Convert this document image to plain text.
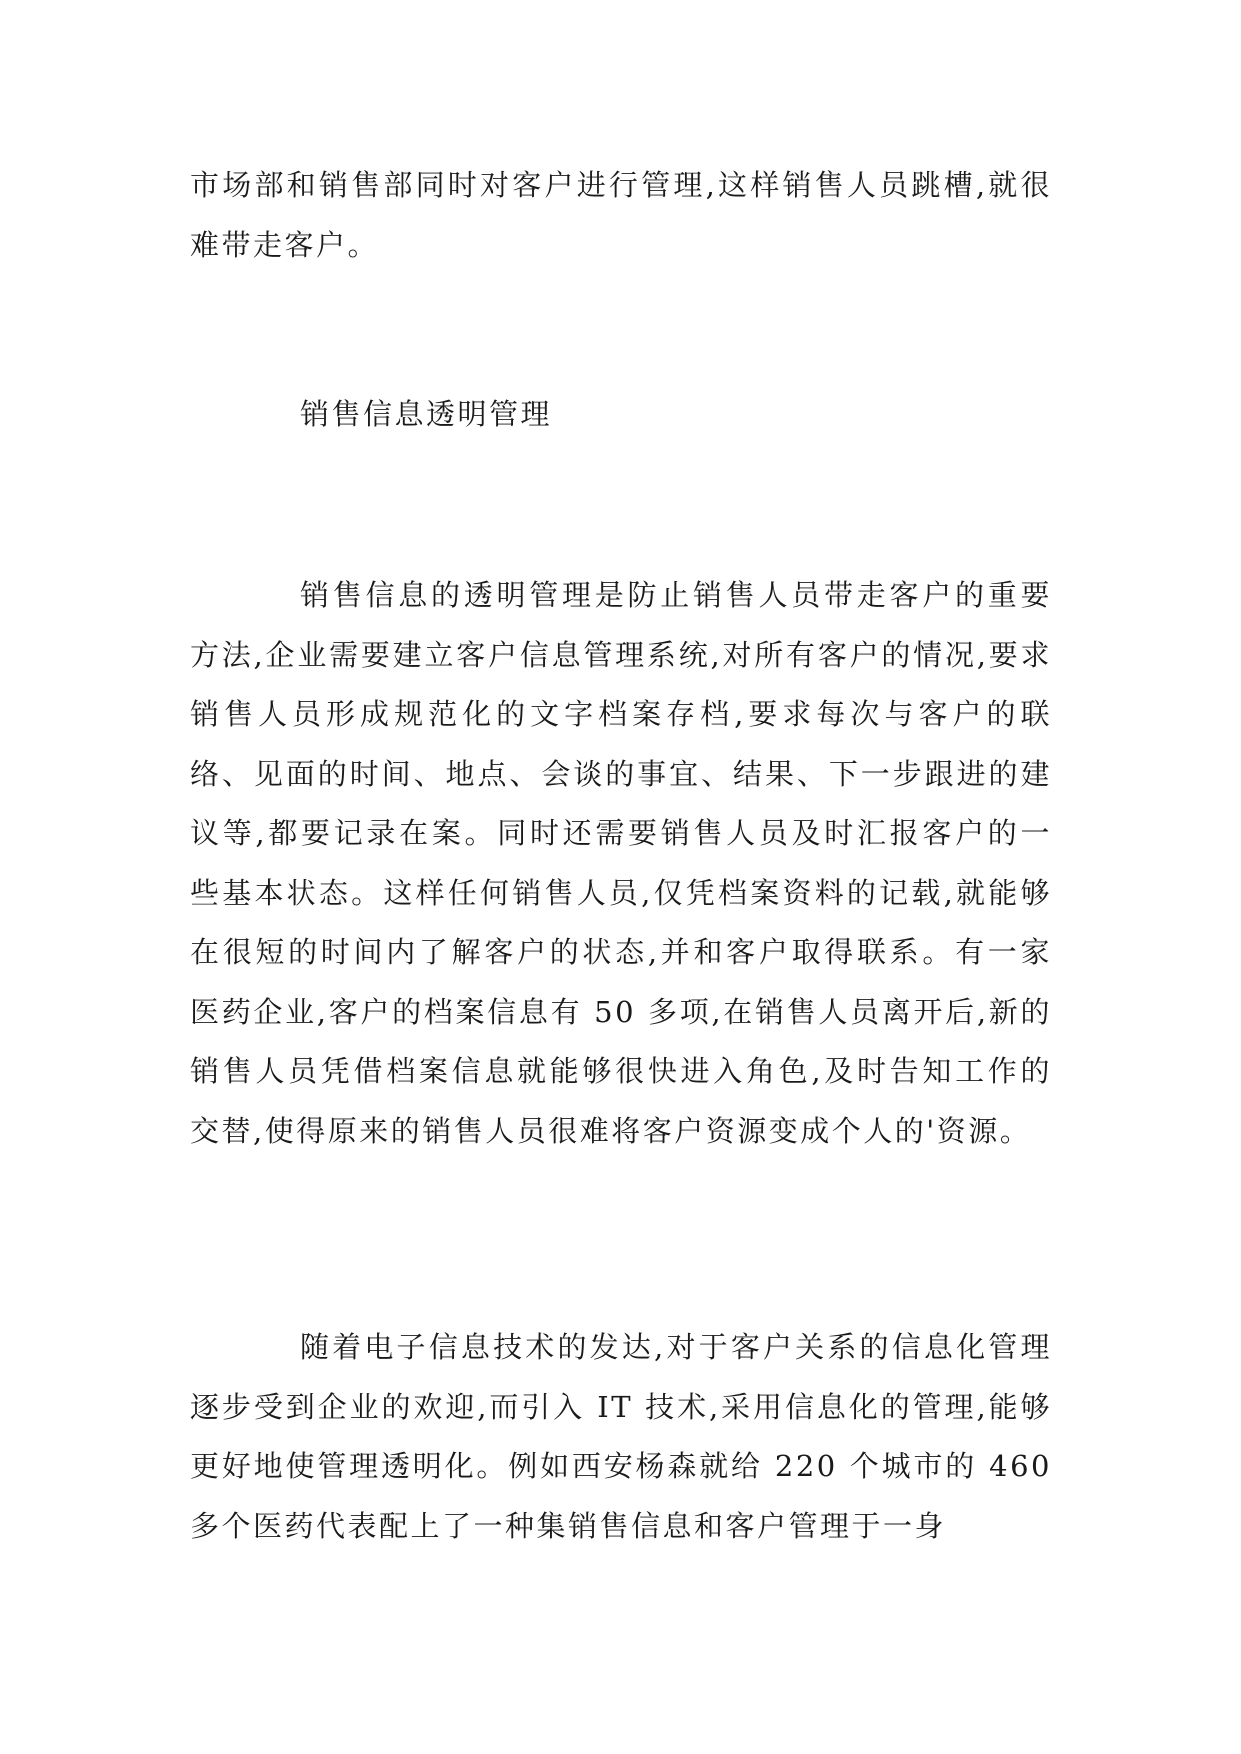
市场部和销售部同时对客户进行管理,这样销售人员跳槽,就很难带走客户。

销售信息透明管理

销售信息的透明管理是防止销售人员带走客户的重要方法,企业需要建立客户信息管理系统,对所有客户的情况,要求销售人员形成规范化的文字档案存档,要求每次与客户的联络、见面的时间、地点、会谈的事宜、结果、下一步跟进的建议等,都要记录在案。同时还需要销售人员及时汇报客户的一些基本状态。这样任何销售人员,仅凭档案资料的记载,就能够在很短的时间内了解客户的状态,并和客户取得联系。有一家医药企业,客户的档案信息有 50 多项,在销售人员离开后,新的销售人员凭借档案信息就能够很快进入角色,及时告知工作的交替,使得原来的销售人员很难将客户资源变成个人的'资源。

随着电子信息技术的发达,对于客户关系的信息化管理逐步受到企业的欢迎,而引入 IT 技术,采用信息化的管理,能够更好地使管理透明化。例如西安杨森就给 220 个城市的 460 多个医药代表配上了一种集销售信息和客户管理于一身
